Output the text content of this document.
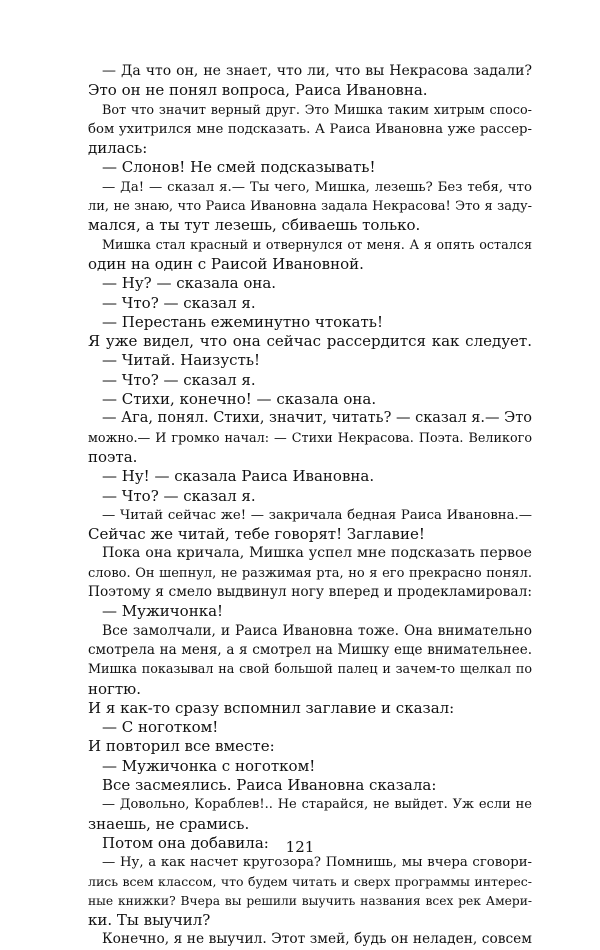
— Да что он, не знает, что ли, что вы Некрасова задали?
Это он не понял вопроса, Раиса Ивановна.
Вот что значит верный друг. Это Мишка таким хитрым спосо-
бом ухитрился мне подсказать. А Раиса Ивановна уже рассер-
дилась:
— Слонов! Не смей подсказывать!
— Да! — сказал я.— Ты чего, Мишка, лезешь? Без тебя, что
ли, не знаю, что Раиса Ивановна задала Некрасова! Это я заду-
мался, а ты тут лезешь, сбиваешь только.
Мишка стал красный и отвернулся от меня. А я опять остался
один на один с Раисой Ивановной.
— Ну? — сказала она.
— Что? — сказал я.
— Перестань ежеминутно чтокать!
Я уже видел, что она сейчас рассердится как следует.
— Читай. Наизусть!
— Что? — сказал я.
— Стихи, конечно! — сказала она.
— Ага, понял. Стихи, значит, читать? — сказал я.— Это
можно.— И громко начал: — Стихи Некрасова. Поэта. Великого
поэта.
— Ну! — сказала Раиса Ивановна.
— Что? — сказал я.
— Читай сейчас же! — закричала бедная Раиса Ивановна.—
Сейчас же читай, тебе говорят! Заглавие!
Пока она кричала, Мишка успел мне подсказать первое
слово. Он шепнул, не разжимая рта, но я его прекрасно понял.
Поэтому я смело выдвинул ногу вперед и продекламировал:
— Мужичонка!
Все замолчали, и Раиса Ивановна тоже. Она внимательно
смотрела на меня, а я смотрел на Мишку еще внимательнее.
Мишка показывал на свой большой палец и зачем-то щелкал по
ногтю.
И я как-то сразу вспомнил заглавие и сказал:
— С ноготком!
И повторил все вместе:
— Мужичонка с ноготком!
Все засмеялись. Раиса Ивановна сказала:
— Довольно, Кораблев!.. Не старайся, не выйдет. Уж если не
знаешь, не срамись.
Потом она добавила:
— Ну, а как насчет кругозора? Помнишь, мы вчера сговори-
лись всем классом, что будем читать и сверх программы интерес-
ные книжки? Вчера вы решили выучить названия всех рек Амери-
ки. Ты выучил?
Конечно, я не выучил. Этот змей, будь он неладен, совсем
121
